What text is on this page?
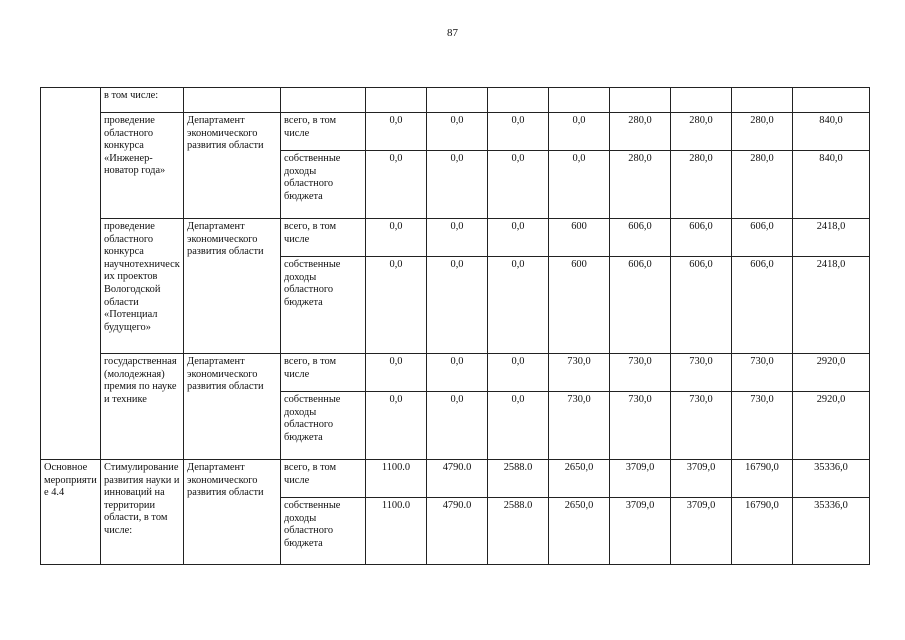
87
	в том числе:										
	проведение областного конкурса «Инженер-новатор года»	Департамент экономического развития области	всего, в том числе	0,0	0,0	0,0	0,0	280,0	280,0	280,0	840,0
			собственные доходы областного бюджета	0,0	0,0	0,0	0,0	280,0	280,0	280,0	840,0
	проведение областного конкурса научнотехнических проектов Вологодской области «Потенциал будущего»	Департамент экономического развития области	всего, в том числе	0,0	0,0	0,0	600	606,0	606,0	606,0	2418,0
			собственные доходы областного бюджета	0,0	0,0	0,0	600	606,0	606,0	606,0	2418,0
	государственная (молодежная) премия по науке и технике	Департамент экономического развития области	всего, в том числе	0,0	0,0	0,0	730,0	730,0	730,0	730,0	2920,0
			собственные доходы областного бюджета	0,0	0,0	0,0	730,0	730,0	730,0	730,0	2920,0
Основное мероприятие 4.4	Стимулирование развития науки и инноваций на территории области, в том числе:	Департамент экономического развития области	всего, в том числе	1100.0	4790.0	2588.0	2650,0	3709,0	3709,0	16790,0	35336,0
			собственные доходы областного бюджета	1100.0	4790.0	2588.0	2650,0	3709,0	3709,0	16790,0	35336,0
